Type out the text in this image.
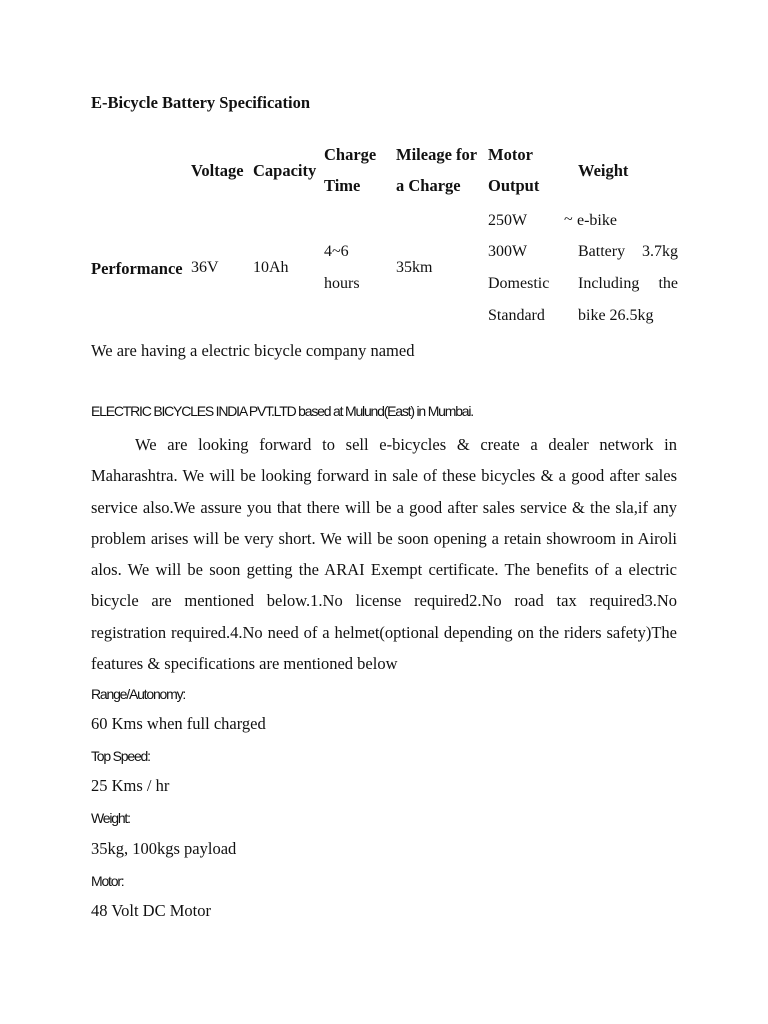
E-Bicycle Battery Specification
Voltage Capacity
Charge
Time
Mileage for
a Charge
Motor
Output
Weight
Performance 36V 10Ah
4~6
hours
35km
250W ~
300W
Domestic
Standard
e-bike
Battery 3.7kg
Including the
bike 26.5kg
We are having a electric bicycle company named
ELECTRIC BICYCLES INDIA PVT.LTD based at Mulund(East) in Mumbai.
We are looking forward to sell e-bicycles & create a dealer network in Maharashtra. We will be looking forward in sale of these bicycles & a good after sales service also.We assure you that there will be a good after sales service & the sla,if any problem arises will be very short. We will be soon opening a retain showroom in Airoli alos. We will be soon getting the ARAI Exempt certificate. The benefits of a electric bicycle are mentioned below.1.No license required2.No road tax required3.No registration required.4.No need of a helmet(optional depending on the riders safety)The features & specifications are mentioned below
Range/Autonomy:
60 Kms when full charged
Top Speed:
25 Kms / hr
Weight:
35kg, 100kgs payload
Motor:
48 Volt DC Motor
